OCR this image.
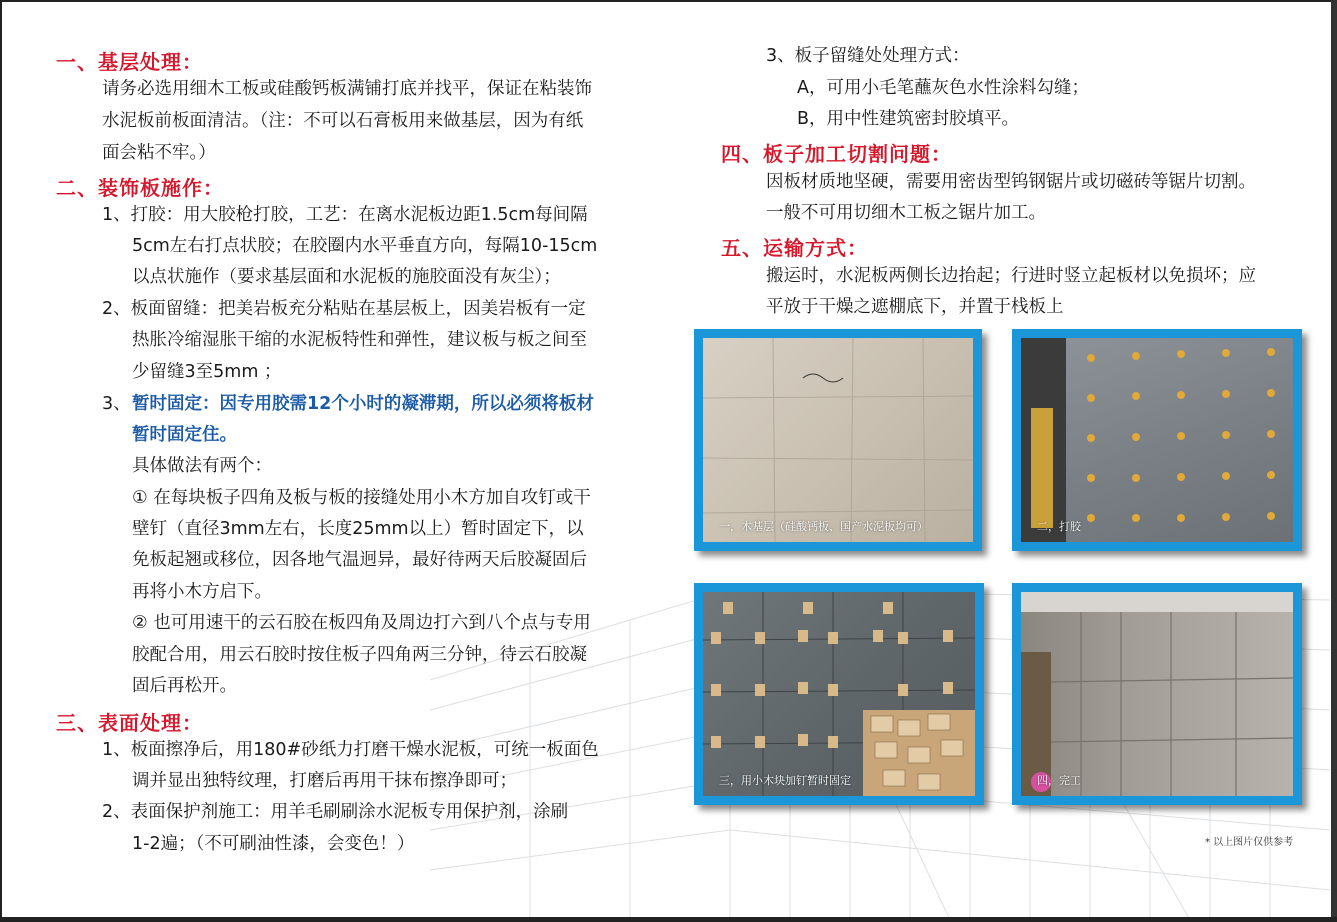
一、基层处理：
请务必选用细木工板或硅酸钙板满铺打底并找平，保证在粘装饰
水泥板前板面清洁。（注：不可以石膏板用来做基层，因为有纸
面会粘不牢。）
二、装饰板施作：
1、打胶：用大胶枪打胶，工艺：在离水泥板边距1.5cm每间隔
5cm左右打点状胶；在胶圈内水平垂直方向，每隔10-15cm
以点状施作（要求基层面和水泥板的施胶面没有灰尘）；
2、板面留缝：把美岩板充分粘贴在基层板上，因美岩板有一定
热胀冷缩湿胀干缩的水泥板特性和弹性，建议板与板之间至
少留缝3至5mm ；
3、 暂时固定：因专用胶需12个小时的凝滞期，所以必须将板材
暂时固定住。
具体做法有两个：
① 在每块板子四角及板与板的接缝处用小木方加自攻钉或干
壁钉（直径3mm左右，长度25mm以上）暂时固定下，以
免板起翘或移位，因各地气温迥异，最好待两天后胶凝固后
再将小木方启下。
② 也可用速干的云石胶在板四角及周边打六到八个点与专用
胶配合用，用云石胶时按住板子四角两三分钟，待云石胶凝
固后再松开。
三、表面处理：
1、板面擦净后，用180#砂纸力打磨干燥水泥板，可统一板面色
调并显出独特纹理，打磨后再用干抹布擦净即可；
2、表面保护剂施工：用羊毛刷刷涂水泥板专用保护剂，涂刷
1-2遍；（不可刷油性漆，会变色！）
3、板子留缝处处理方式：
A，可用小毛笔蘸灰色水性涂料勾缝；
B，用中性建筑密封胶填平。
四、板子加工切割问题：
因板材质地坚硬，需要用密齿型钨钢锯片或切磁砖等锯片切割。
一般不可用切细木工板之锯片加工。
五、运输方式：
搬运时，水泥板两侧长边抬起；行进时竖立起板材以免损坏；应
平放于干燥之遮棚底下，并置于栈板上
一，木基层（硅酸钙板、国产水泥板均可）	二，打胶
三，用小木块加钉暂时固定	四，完工
* 以上图片仅供参考
